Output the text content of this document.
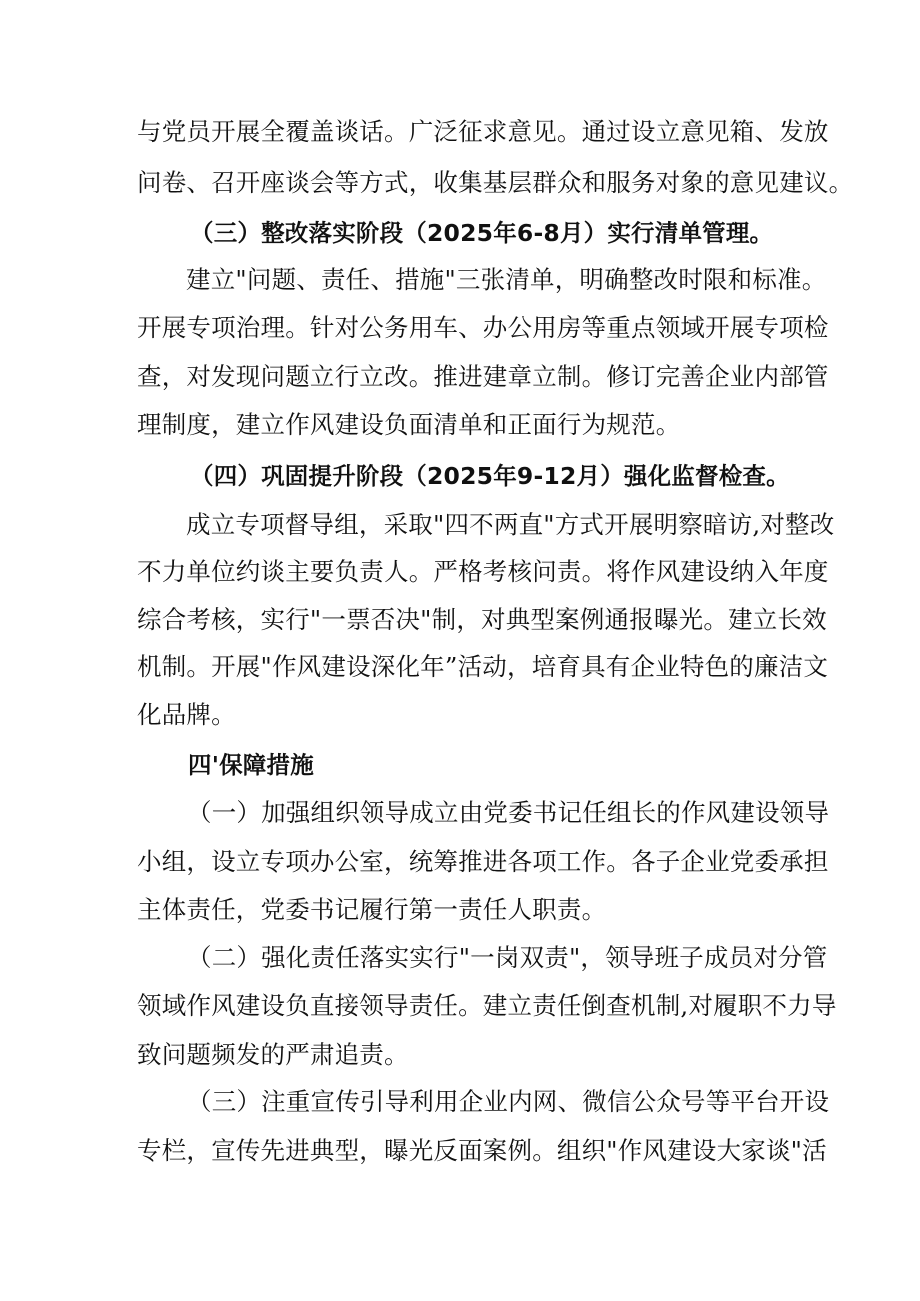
与党员开展全覆盖谈话。广泛征求意见。通过设立意见箱、发放
问卷、召开座谈会等方式，收集基层群众和服务对象的意见建议。
（三）整改落实阶段（2025年6-8月）实行清单管理。
建立"问题、责任、措施"三张清单，明确整改时限和标准。
开展专项治理。针对公务用车、办公用房等重点领域开展专项检
查，对发现问题立行立改。推进建章立制。修订完善企业内部管
理制度，建立作风建设负面清单和正面行为规范。
（四）巩固提升阶段（2025年9-12月）强化监督检查。
成立专项督导组，采取"四不两直"方式开展明察暗访,对整改
不力单位约谈主要负责人。严格考核问责。将作风建设纳入年度
综合考核，实行"一票否决"制，对典型案例通报曝光。建立长效
机制。开展"作风建设深化年”活动，培育具有企业特色的廉洁文
化品牌。
四'保障措施
（一）加强组织领导成立由党委书记任组长的作风建设领导
小组，设立专项办公室，统筹推进各项工作。各子企业党委承担
主体责任，党委书记履行第一责任人职责。
（二）强化责任落实实行"一岗双责"，领导班子成员对分管
领域作风建设负直接领导责任。建立责任倒查机制,对履职不力导
致问题频发的严肃追责。
（三）注重宣传引导利用企业内网、微信公众号等平台开设
专栏，宣传先进典型，曝光反面案例。组织"作风建设大家谈"活
